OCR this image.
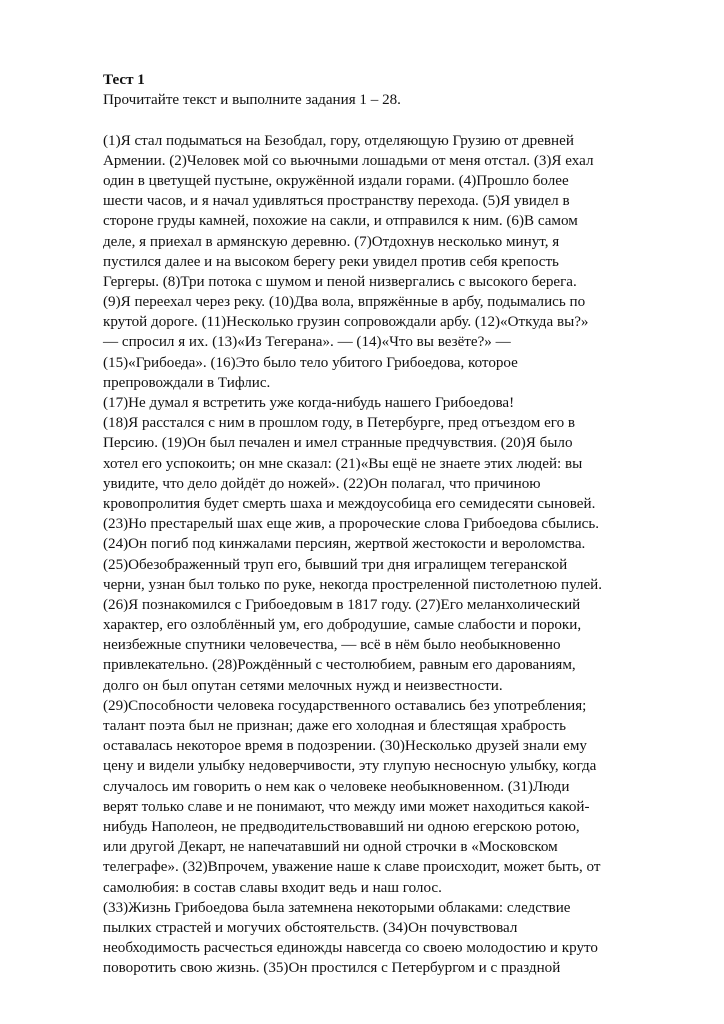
Тест 1
Прочитайте текст и выполните задания 1 – 28.
(1)Я стал подыматься на Безобдал, гору, отделяющую Грузию от древней
Армении. (2)Человек мой со вьючными лошадьми от меня отстал. (3)Я ехал
один в цветущей пустыне, окружённой издали горами. (4)Прошло более
шести часов, и я начал удивляться пространству перехода. (5)Я увидел в
стороне груды камней, похожие на сакли, и отправился к ним. (6)В самом
деле, я приехал в армянскую деревню. (7)Отдохнув несколько минут, я
пустился далее и на высоком берегу реки увидел против себя крепость
Гергеры. (8)Три потока с шумом и пеной низвергались с высокого берега.
(9)Я переехал через реку. (10)Два вола, впряжённые в арбу, подымались по
крутой дороге. (11)Несколько грузин сопровождали арбу. (12)«Откуда вы?»
— спросил я их. (13)«Из Тегерана». — (14)«Что вы везёте?» —
(15)«Грибоеда». (16)Это было тело убитого Грибоедова, которое
препровождали в Тифлис.
(17)Не думал я встретить уже когда-нибудь нашего Грибоедова!
(18)Я расстался с ним в прошлом году, в Петербурге, пред отъездом его в
Персию. (19)Он был печален и имел странные предчувствия. (20)Я было
хотел его успокоить; он мне сказал: (21)«Вы ещё не знаете этих людей: вы
увидите, что дело дойдёт до ножей». (22)Он полагал, что причиною
кровопролития будет смерть шаха и междоусобица его семидесяти сыновей.
(23)Но престарелый шах еще жив, а пророческие слова Грибоедова сбылись.
(24)Он погиб под кинжалами персиян, жертвой жестокости и вероломства.
(25)Обезображенный труп его, бывший три дня игралищем тегеранской
черни, узнан был только по руке, некогда простреленной пистолетною пулей.
(26)Я познакомился с Грибоедовым в 1817 году. (27)Его меланхолический
характер, его озлоблённый ум, его добродушие, самые слабости и пороки,
неизбежные спутники человечества, — всё в нём было необыкновенно
привлекательно. (28)Рождённый с честолюбием, равным его дарованиям,
долго он был опутан сетями мелочных нужд и неизвестности.
(29)Способности человека государственного оставались без употребления;
талант поэта был не признан; даже его холодная и блестящая храбрость
оставалась некоторое время в подозрении. (30)Несколько друзей знали ему
цену и видели улыбку недоверчивости, эту глупую несносную улыбку, когда
случалось им говорить о нем как о человеке необыкновенном. (31)Люди
верят только славе и не понимают, что между ими может находиться какой-
нибудь Наполеон, не предводительствовавший ни одною егерскою ротою,
или другой Декарт, не напечатавший ни одной строчки в «Московском
телеграфе». (32)Впрочем, уважение наше к славе происходит, может быть, от
самолюбия: в состав славы входит ведь и наш голос.
(33)Жизнь Грибоедова была затемнена некоторыми облаками: следствие
пылких страстей и могучих обстоятельств. (34)Он почувствовал
необходимость расчесться единожды навсегда со своею молодостию и круто
поворотить свою жизнь. (35)Он простился с Петербургом и с праздной
